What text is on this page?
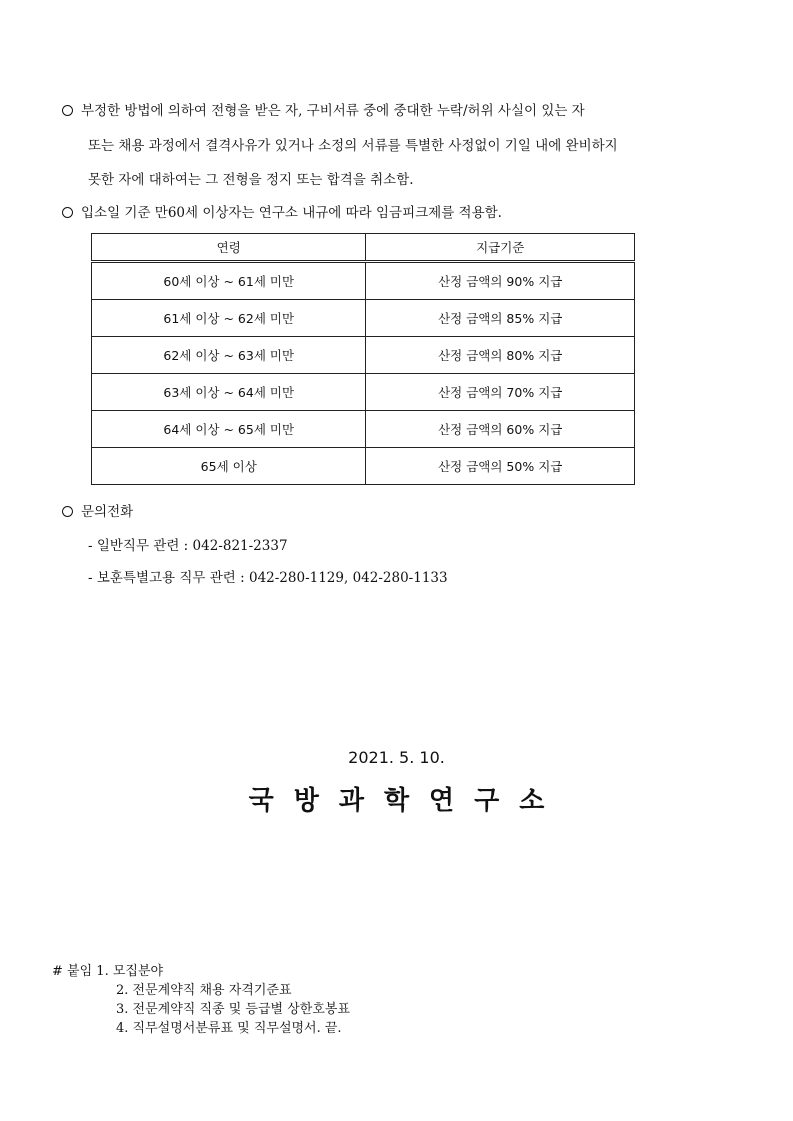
부정한 방법에 의하여 전형을 받은 자, 구비서류 중에 중대한 누락/허위 사실이 있는 자
또는 채용 과정에서 결격사유가 있거나 소정의 서류를 특별한 사정없이 기일 내에 완비하지
못한 자에 대하여는 그 전형을 정지 또는 합격을 취소함.
입소일 기준 만60세 이상자는 연구소 내규에 따라 임금피크제를 적용함.
연령	지급기준
60세 이상 ~ 61세 미만	산정 금액의 90% 지급
61세 이상 ~ 62세 미만	산정 금액의 85% 지급
62세 이상 ~ 63세 미만	산정 금액의 80% 지급
63세 이상 ~ 64세 미만	산정 금액의 70% 지급
64세 이상 ~ 65세 미만	산정 금액의 60% 지급
65세 이상	산정 금액의 50% 지급
문의전화
- 일반직무 관련 : 042-821-2337
- 보훈특별고용 직무 관련 : 042-280-1129, 042-280-1133
2021. 5. 10.
국방과학연구소
# 붙임 1. 모집분야
2. 전문계약직 채용 자격기준표
3. 전문계약직 직종 및 등급별 상한호봉표
4. 직무설명서분류표 및 직무설명서. 끝.
